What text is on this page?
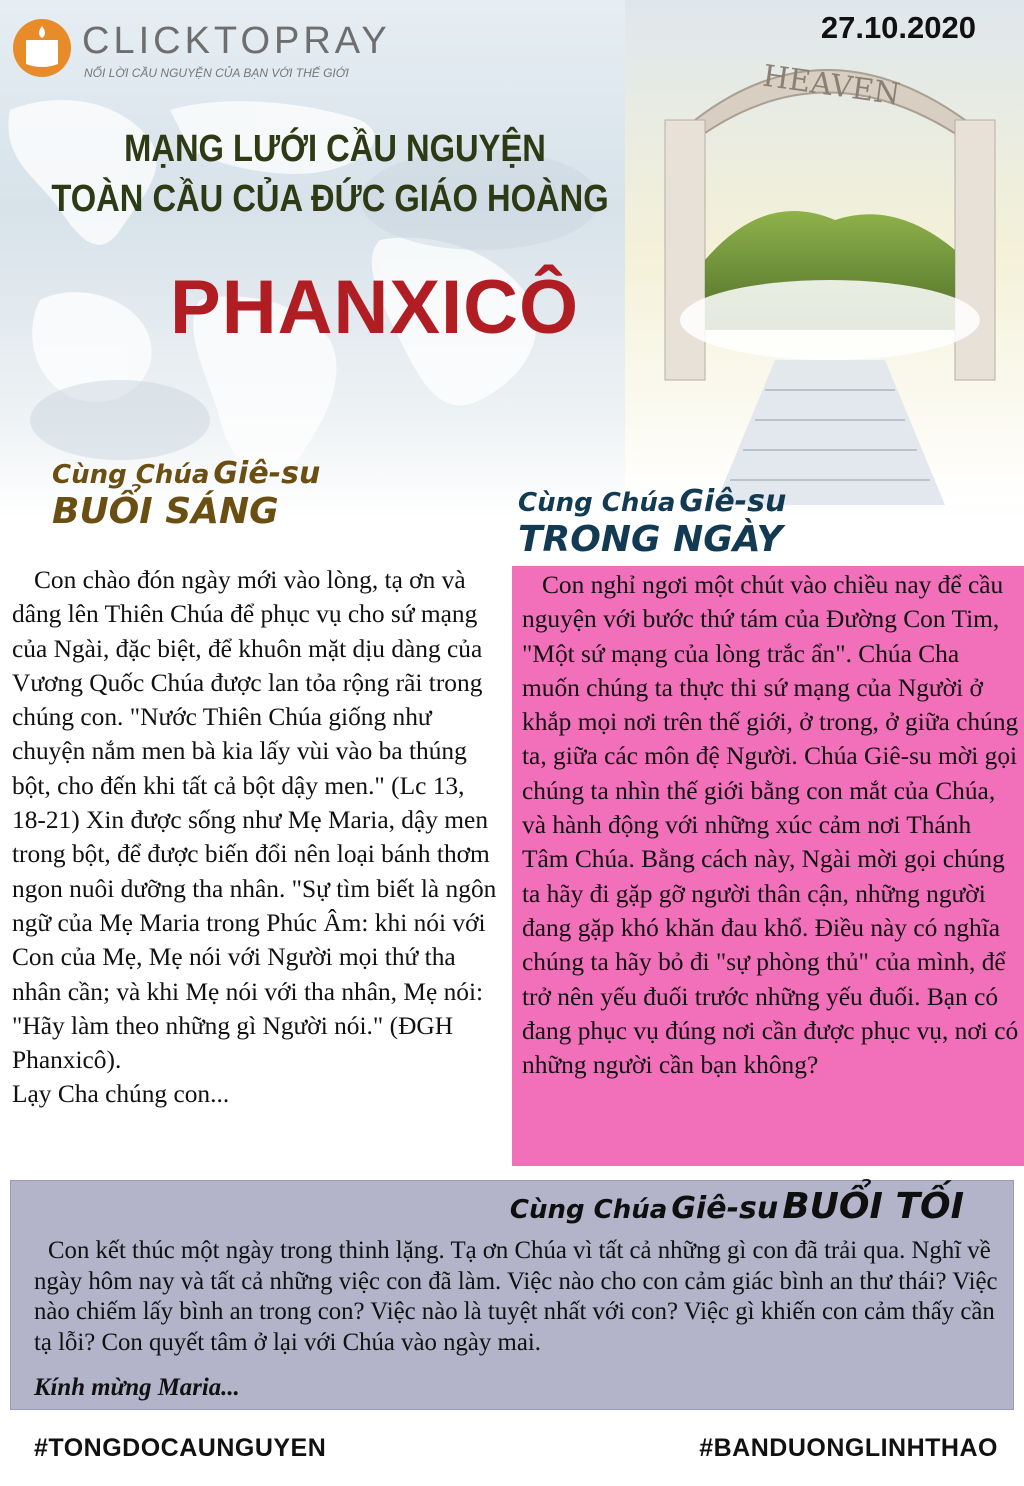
HEAVEN
CLICKTOPRAY
NỐI LỜI CẦU NGUYỆN CỦA BẠN VỚI THẾ GIỚI
27.10.2020
MẠNG LƯỚI CẦU NGUYỆN
TOÀN CẦU CỦA ĐỨC GIÁO HOÀNG
PHANXICÔ
Cùng Chúa Giê-su
BUỔI SÁNG
Con chào đón ngày mới vào lòng, tạ ơn và dâng lên Thiên Chúa để phục vụ cho sứ mạng của Ngài, đặc biệt, để khuôn mặt dịu dàng của Vương Quốc Chúa được lan tỏa rộng rãi trong chúng con. "Nước Thiên Chúa giống như chuyện nắm men bà kia lấy vùi vào ba thúng bột, cho đến khi tất cả bột dậy men." (Lc 13, 18-21) Xin được sống như Mẹ Maria, dậy men trong bột, để được biến đổi nên loại bánh thơm ngon nuôi dưỡng tha nhân. "Sự tìm biết là ngôn ngữ của Mẹ Maria trong Phúc Âm: khi nói với Con của Mẹ, Mẹ nói với Người mọi thứ tha nhân cần; và khi Mẹ nói với tha nhân, Mẹ nói: "Hãy làm theo những gì Người nói." (ĐGH Phanxicô).
Lạy Cha chúng con...
Cùng Chúa Giê-su
TRONG NGÀY
Con nghỉ ngơi một chút vào chiều nay để cầu nguyện với bước thứ tám của Đường Con Tim, "Một sứ mạng của lòng trắc ẩn". Chúa Cha muốn chúng ta thực thi sứ mạng của Người ở khắp mọi nơi trên thế giới, ở trong, ở giữa chúng ta, giữa các môn đệ Người. Chúa Giê-su mời gọi chúng ta nhìn thế giới bằng con mắt của Chúa, và hành động với những xúc cảm nơi Thánh Tâm Chúa. Bằng cách này, Ngài mời gọi chúng ta hãy đi gặp gỡ người thân cận, những người đang gặp khó khăn đau khổ. Điều này có nghĩa chúng ta hãy bỏ đi "sự phòng thủ" của mình, để trở nên yếu đuối trước những yếu đuối. Bạn có đang phục vụ đúng nơi cần được phục vụ, nơi có những người cần bạn không?
Cùng Chúa Giê-su BUỔI TỐI
Con kết thúc một ngày trong thinh lặng. Tạ ơn Chúa vì tất cả những gì con đã trải qua. Nghĩ về ngày hôm nay và tất cả những việc con đã làm. Việc nào cho con cảm giác bình an thư thái? Việc nào chiếm lấy bình an trong con? Việc nào là tuyệt nhất với con? Việc gì khiến con cảm thấy cần tạ lỗi? Con quyết tâm ở lại với Chúa vào ngày mai.
Kính mừng Maria...
#TONGDOCAUNGUYEN	#BANDUONGLINHTHAO
